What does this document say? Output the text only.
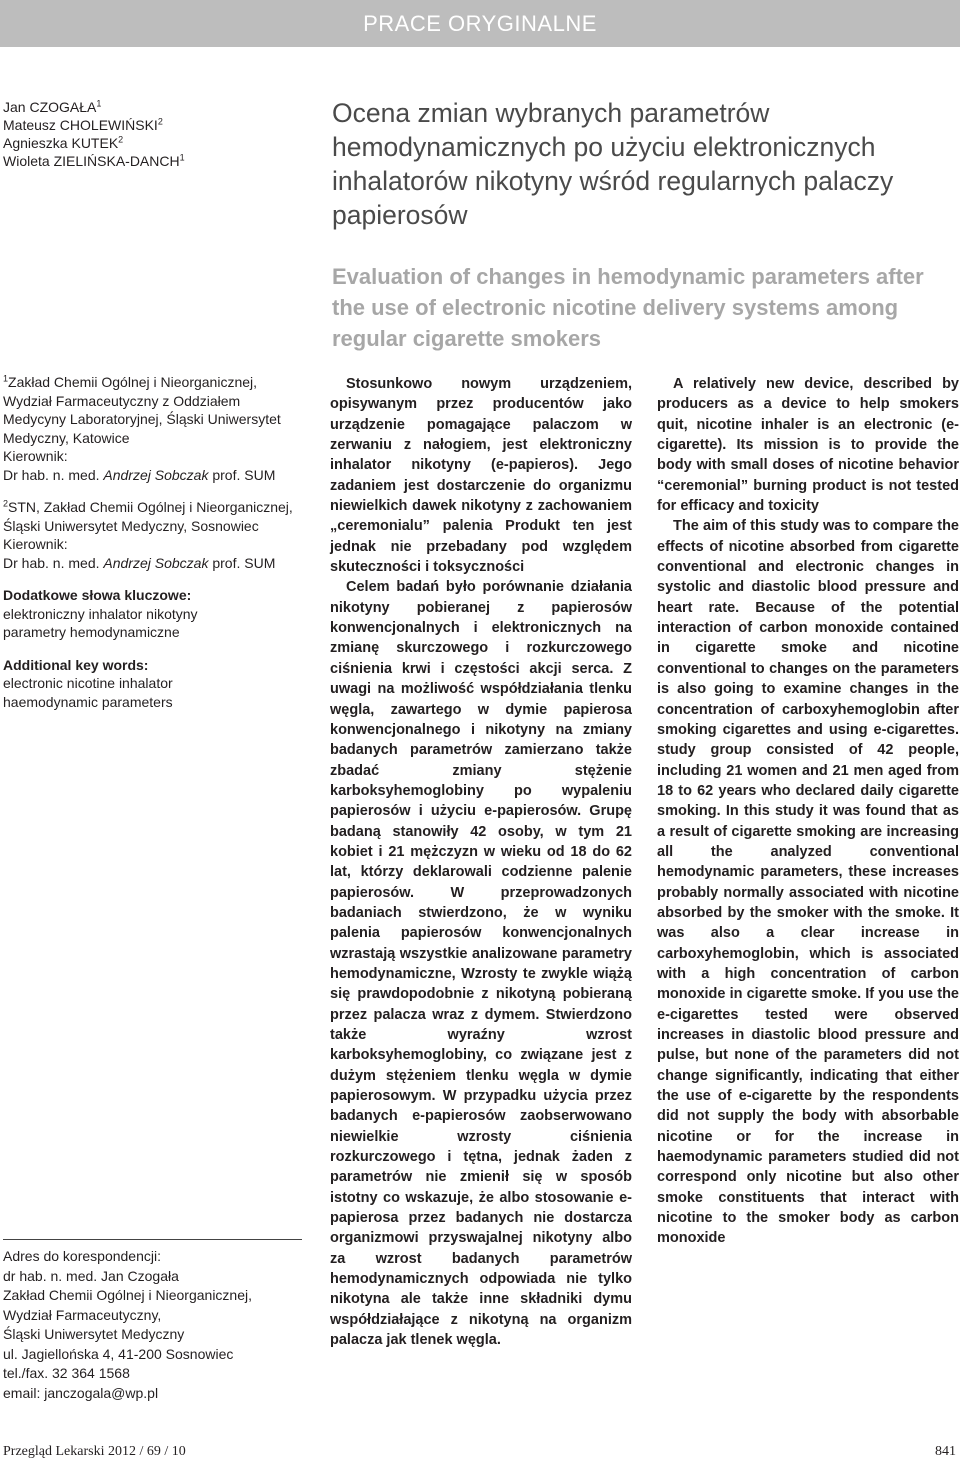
PRACE ORYGINALNE
Jan CZOGAŁA$^1$
Mateusz CHOLEWIŃSKI$^2$
Agnieszka KUTEK$^2$
Wioleta ZIELIŃSKA-DANCH$^1$
Ocena zmian wybranych parametrów hemodynamicznych po użyciu elektronicznych inhalatorów nikotyny wśród regularnych palaczy papierosów
Evaluation of changes in hemodynamic parameters after the use of electronic nicotine delivery systems among regular cigarette smokers

$^1$Zakład Chemii Ogólnej i Nieorganicznej, Wydział Farmaceutyczny z Oddziałem Medycyny Laboratoryjnej, Śląski Uniwersytet Medyczny, Katowice

Kierownik:

Dr hab. n. med. Andrzej Sobczak prof. SUM

$^2$STN, Zakład Chemii Ogólnej i Nieorganicznej, Śląski Uniwersytet Medyczny, Sosnowiec

Kierownik:

Dr hab. n. med. Andrzej Sobczak prof. SUM

Dodatkowe słowa kluczowe:

elektroniczny inhalator nikotyny

parametry hemodynamiczne

Additional key words:

electronic nicotine inhalator

haemodynamic parameters

Adres do korespondencji:
dr hab. n. med. Jan Czogała
Zakład Chemii Ogólnej i Nieorganicznej,
Wydział Farmaceutyczny,
Śląski Uniwersytet Medyczny
ul. Jagiellońska 4, 41-200 Sosnowiec
tel./fax. 32 364 1568
email: janczogala@wp.pl

Stosunkowo nowym urządzeniem, opisywanym przez producentów jako urządzenie pomagające palaczom w zerwaniu z nałogiem, jest elektroniczny inhalator nikotyny (e-papieros). Jego zadaniem jest dostarczenie do organizmu niewielkich dawek nikotyny z zachowaniem „ceremonialu” palenia Produkt ten jest jednak nie przebadany pod względem skuteczności i toksyczności

Celem badań było porównanie działania nikotyny pobieranej z papierosów konwencjonalnych i elektronicznych na zmianę skurczowego i rozkurczowego ciśnienia krwi i częstości akcji serca. Z uwagi na możliwość współdziałania tlenku węgla, zawartego w dymie papierosa konwencjonalnego i nikotyny na zmiany badanych parametrów zamierzano także zbadać zmiany stężenie karboksyhemoglobiny po wypaleniu papierosów i użyciu e-papierosów. Grupę badaną stanowiły 42 osoby, w tym 21 kobiet i 21 mężczyzn w wieku od 18 do 62 lat, którzy deklarowali codzienne palenie papierosów. W przeprowadzonych badaniach stwierdzono, że w wyniku palenia papierosów konwencjonalnych wzrastają wszystkie analizowane parametry hemodynamiczne, Wzrosty te zwykle wiążą się prawdopodobnie z nikotyną pobieraną przez palacza wraz z dymem. Stwierdzono także wyraźny wzrost karboksyhemoglobiny, co związane jest z dużym stężeniem tlenku węgla w dymie papierosowym. W przypadku użycia przez badanych e-papierosów zaobserwowano niewielkie wzrosty ciśnienia rozkurczowego i tętna, jednak żaden z parametrów nie zmienił się w sposób istotny co wskazuje, że albo stosowanie e-papierosa przez badanych nie dostarcza organizmowi przyswajalnej nikotyny albo za wzrost badanych parametrów hemodynamicznych odpowiada nie tylko nikotyna ale także inne składniki dymu współdziałające z nikotyną na organizm palacza jak tlenek węgla.

A relatively new device, described by producers as a device to help smokers quit, nicotine inhaler is an electronic (e-cigarette). Its mission is to provide the body with small doses of nicotine behavior “ceremonial” burning product is not tested for efficacy and toxicity

The aim of this study was to compare the effects of nicotine absorbed from cigarette conventional and electronic changes in systolic and diastolic blood pressure and heart rate. Because of the potential interaction of carbon monoxide contained in cigarette smoke and nicotine conventional to changes on the parameters is also going to examine changes in the concentration of carboxyhemoglobin after smoking cigarettes and using e-cigarettes. study group consisted of 42 people, including 21 women and 21 men aged from 18 to 62 years who declared daily cigarette smoking. In this study it was found that as a result of cigarette smoking are increasing all the analyzed conventional hemodynamic parameters, these increases probably normally associated with nicotine absorbed by the smoker with the smoke. It was also a clear increase in carboxyhemoglobin, which is associated with a high concentration of carbon monoxide in cigarette smoke. If you use the e-cigarettes tested were observed increases in diastolic blood pressure and pulse, but none of the parameters did not change significantly, indicating that either the use of e-cigarette by the respondents did not supply the body with absorbable nicotine or for the increase in haemodynamic parameters studied did not correspond only nicotine but also other smoke constituents that interact with nicotine to the smoker body as carbon monoxide

Przegląd Lekarski 2012 / 69 / 10	841
